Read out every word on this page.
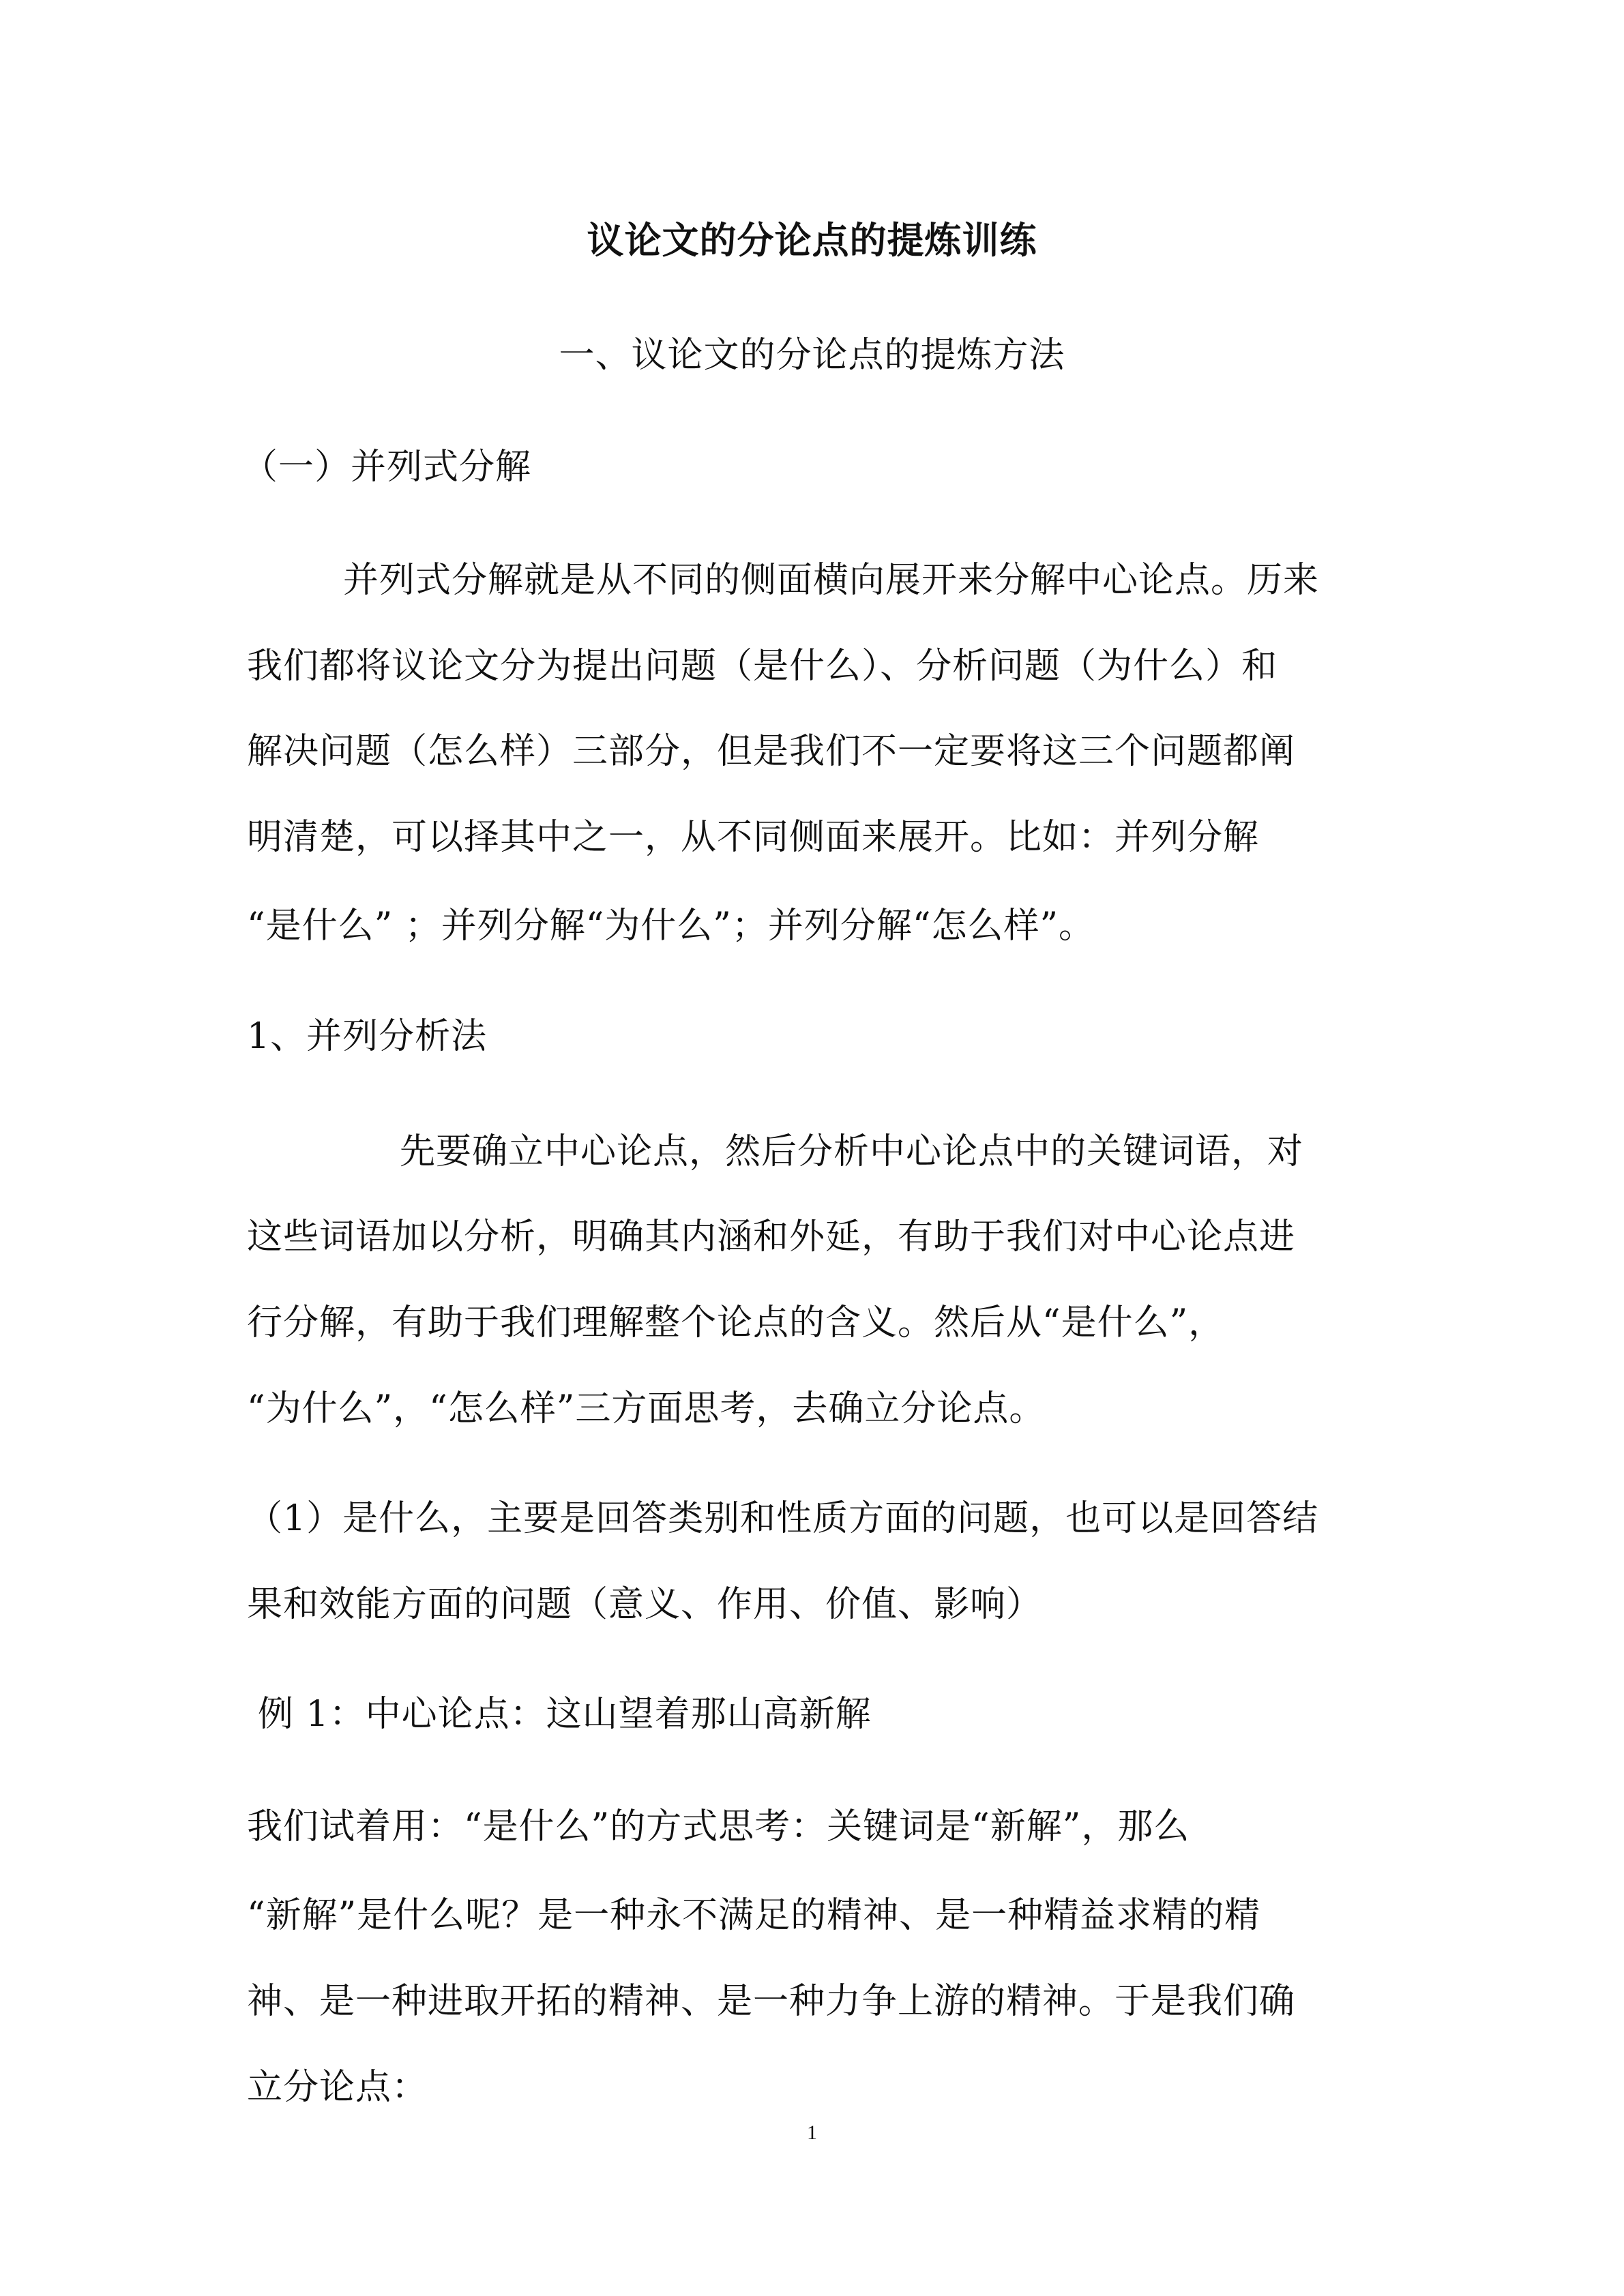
议论文的分论点的提炼训练
一、议论文的分论点的提炼方法
（一）并列式分解
并列式分解就是从不同的侧面横向展开来分解中心论点。历来
我们都将议论文分为提出问题（是什么）、分析问题（为什么）和
解决问题（怎么样）三部分，但是我们不一定要将这三个问题都阐
明清楚，可以择其中之一，从不同侧面来展开。比如：并列分解
“是什么” ；并列分解“为什么”；并列分解“怎么样”。
1、并列分析法
先要确立中心论点，然后分析中心论点中的关键词语，对
这些词语加以分析，明确其内涵和外延，有助于我们对中心论点进
行分解，有助于我们理解整个论点的含义。然后从“是什么”，
“为什么”，“怎么样”三方面思考，去确立分论点。
（1）是什么，主要是回答类别和性质方面的问题，也可以是回答结
果和效能方面的问题（意义、作用、价值、影响）
例 1：中心论点：这山望着那山高新解
我们试着用：“是什么”的方式思考：关键词是“新解”，那么
“新解”是什么呢？是一种永不满足的精神、是一种精益求精的精
神、是一种进取开拓的精神、是一种力争上游的精神。于是我们确
立分论点：
1
